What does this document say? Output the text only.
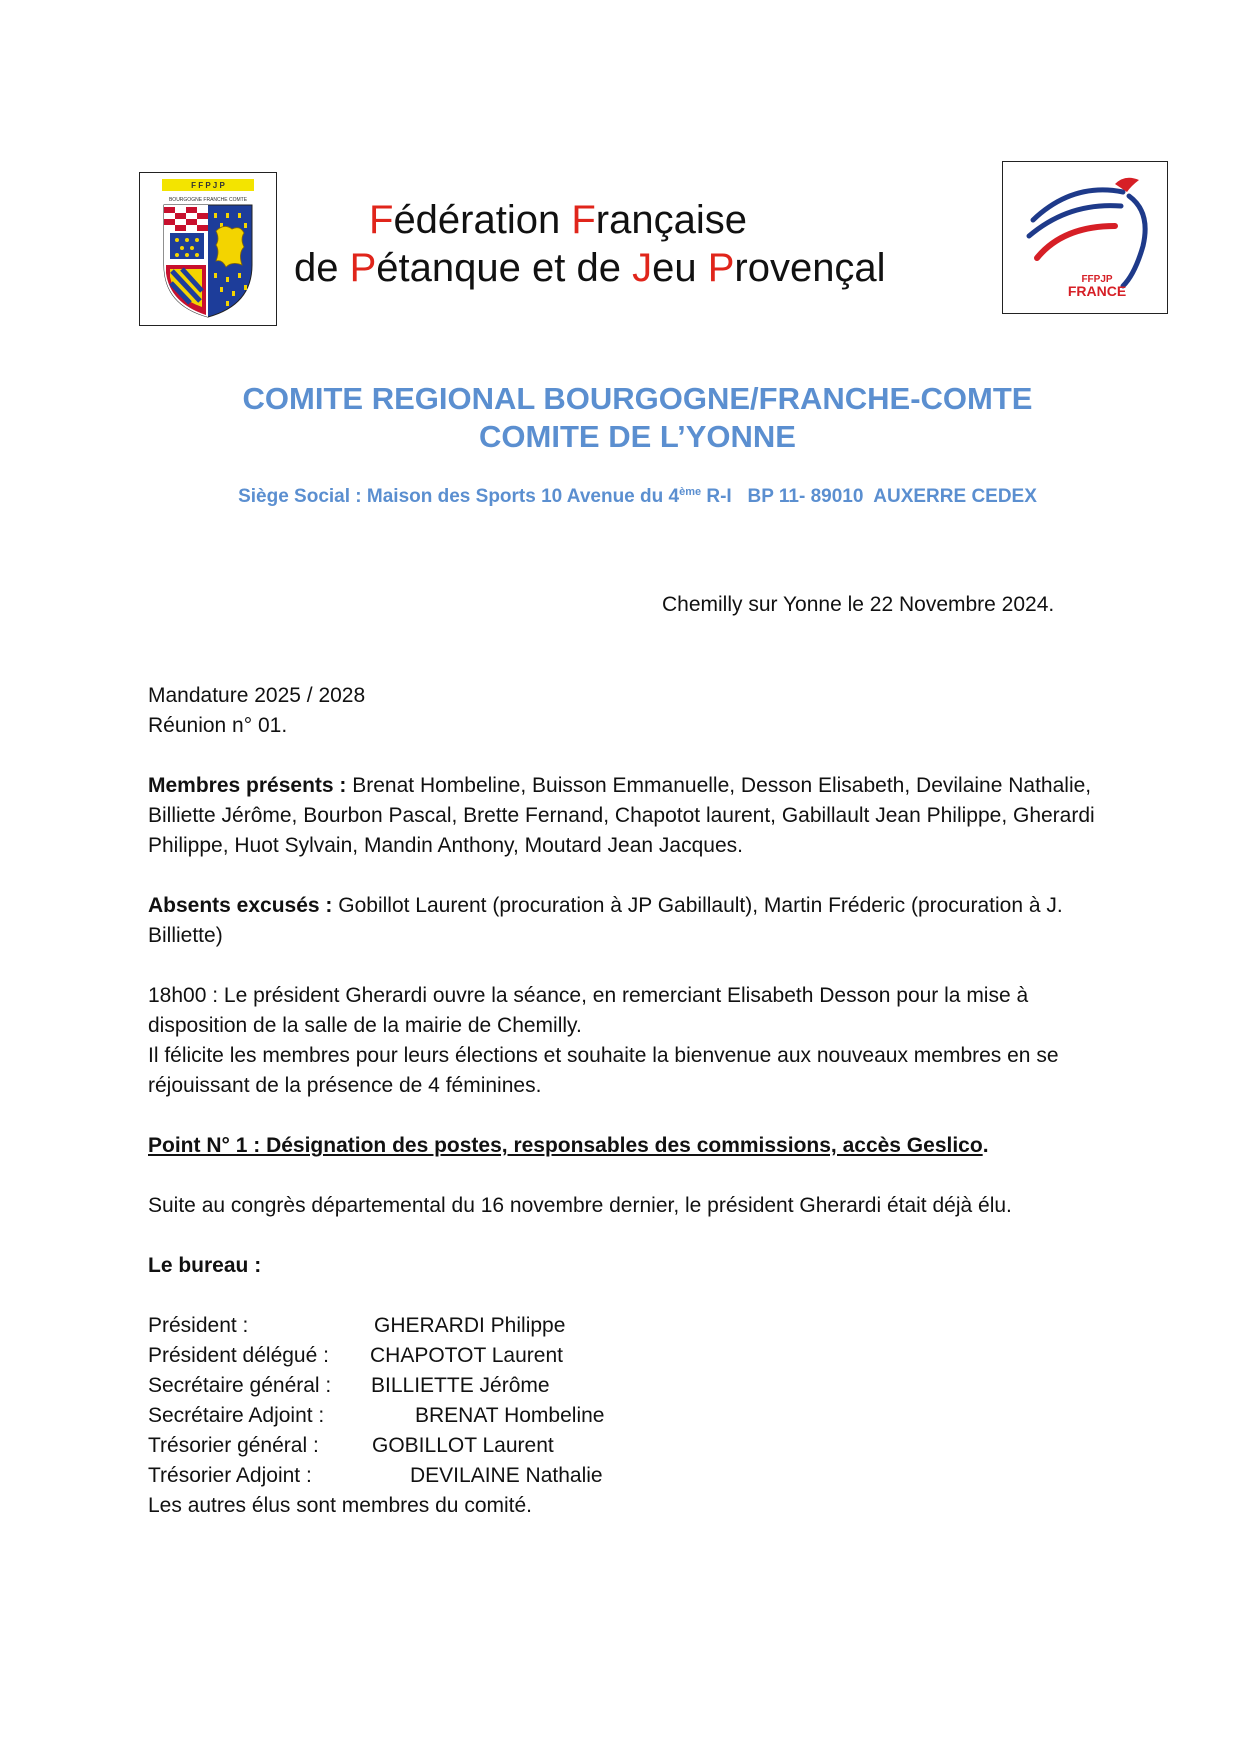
F F P J P
BOURGOGNE FRANCHE COMTE	Fédération Française
de Pétanque et de Jeu Provençal	FFPJP
FRANCE
COMITE REGIONAL BOURGOGNE/FRANCHE-COMTE
COMITE DE L’YONNE
Siège Social : Maison des Sports 10 Avenue du 4ème R-I   BP 11- 89010  AUXERRE CEDEX
Chemilly sur Yonne le 22 Novembre 2024.

Mandature 2025 / 2028

Réunion n° 01.

Membres présents : Brenat Hombeline, Buisson Emmanuelle, Desson Elisabeth, Devilaine Nathalie, Billiette Jérôme, Bourbon Pascal, Brette Fernand, Chapotot laurent, Gabillault Jean Philippe, Gherardi Philippe, Huot Sylvain, Mandin Anthony, Moutard Jean Jacques.

Absents excusés : Gobillot Laurent (procuration à JP Gabillault), Martin Fréderic (procuration à J. Billiette)

18h00 : Le président Gherardi ouvre la séance, en remerciant Elisabeth Desson pour la mise à disposition de la salle de la mairie de Chemilly.

Il félicite les membres pour leurs élections et souhaite la bienvenue aux nouveaux membres en se réjouissant de la présence de 4 féminines.

Point N° 1 : Désignation des postes, responsables des commissions, accès Geslico.

Suite au congrès départemental du 16 novembre dernier, le président Gherardi était déjà élu.

Le bureau :

Président :	GHERARDI Philippe
Président délégué : CHAPOTOT Laurent
Secrétaire général : BILLIETTE Jérôme
Secrétaire Adjoint :	BRENAT Hombeline
Trésorier général :	GOBILLOT Laurent
Trésorier Adjoint :	DEVILAINE Nathalie

Les autres élus sont membres du comité.
